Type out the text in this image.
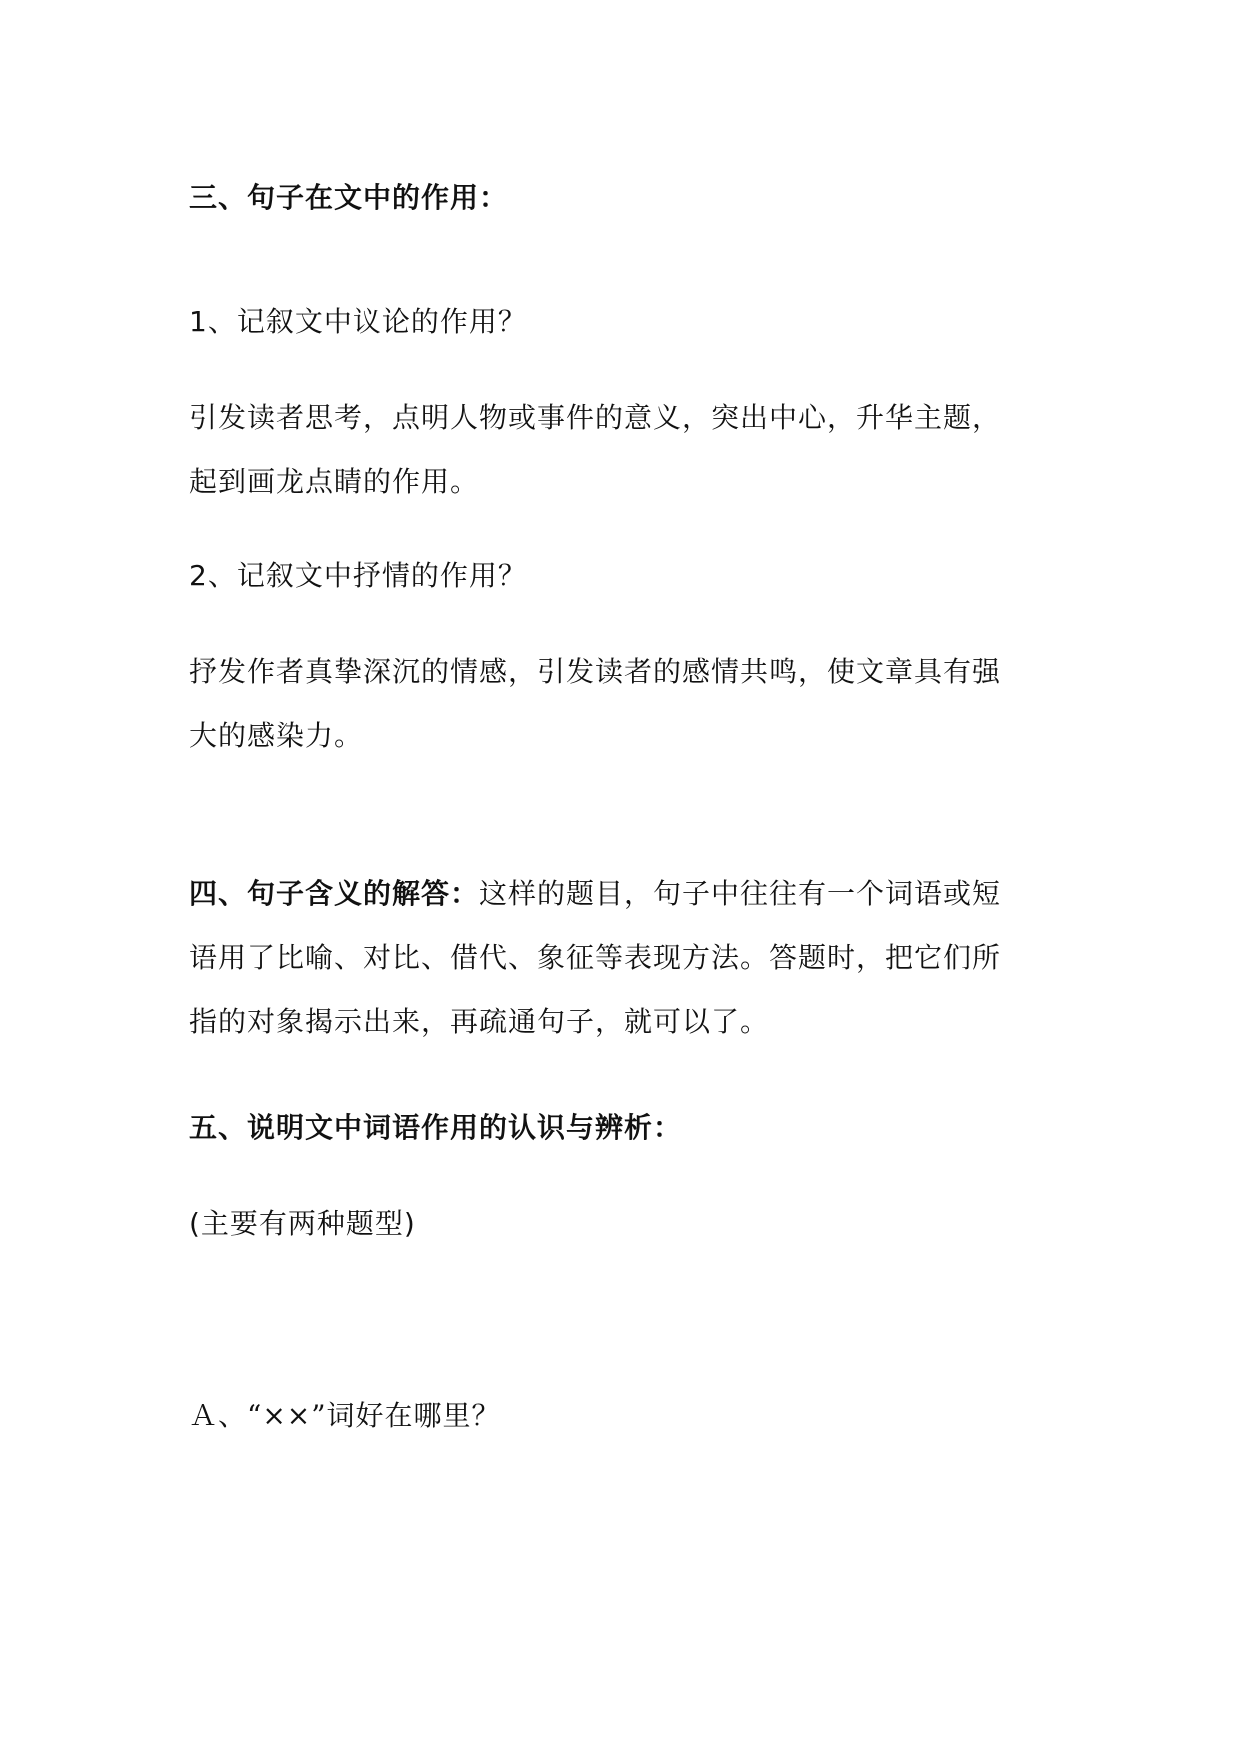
三、句子在文中的作用：
1、记叙文中议论的作用？
引发读者思考，点明人物或事件的意义，突出中心，升华主题，
起到画龙点睛的作用。
2、记叙文中抒情的作用？
抒发作者真挚深沉的情感，引发读者的感情共鸣，使文章具有强
大的感染力。
四、句子含义的解答：这样的题目，句子中往往有一个词语或短
语用了比喻、对比、借代、象征等表现方法。答题时，把它们所
指的对象揭示出来，再疏通句子，就可以了。
五、说明文中词语作用的认识与辨析：
(主要有两种题型)
Ａ、“××”词好在哪里？
